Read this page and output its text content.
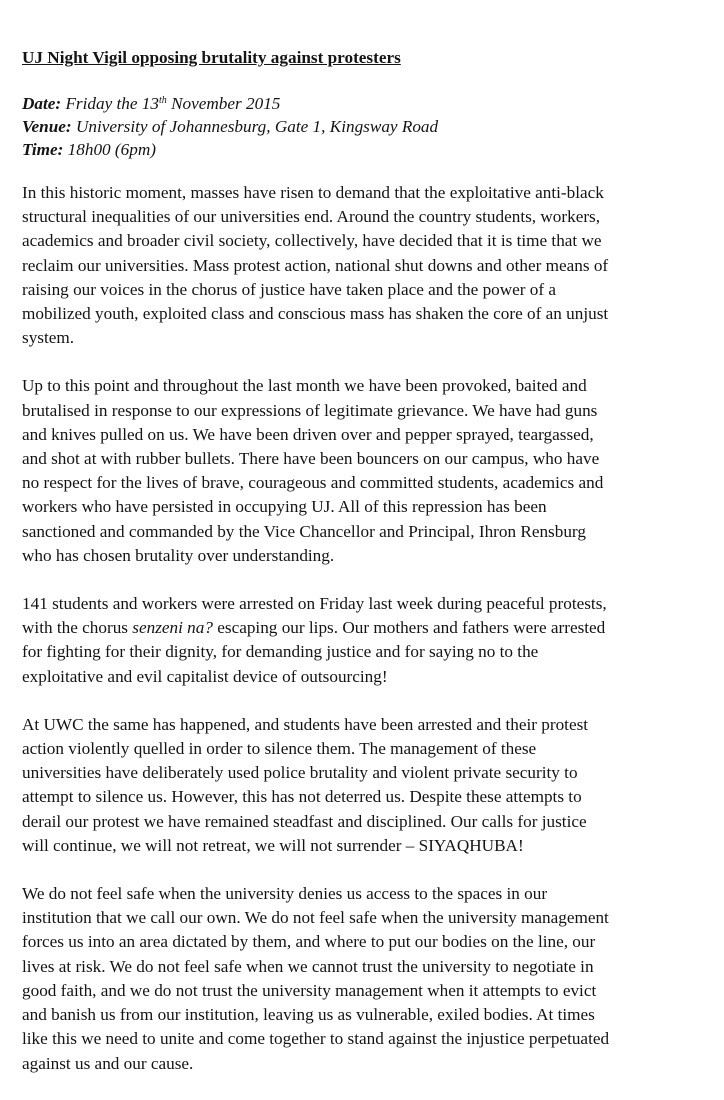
UJ Night Vigil opposing brutality against protesters
Date: Friday the 13th November 2015
Venue: University of Johannesburg, Gate 1, Kingsway Road
Time: 18h00 (6pm)
In this historic moment, masses have risen to demand that the exploitative anti-black
structural inequalities of our universities end. Around the country students, workers,
academics and broader civil society, collectively, have decided that it is time that we
reclaim our universities. Mass protest action, national shut downs and other means of
raising our voices in the chorus of justice have taken place and the power of a
mobilized youth, exploited class and conscious mass has shaken the core of an unjust
system.
Up to this point and throughout the last month we have been provoked, baited and
brutalised in response to our expressions of legitimate grievance. We have had guns
and knives pulled on us. We have been driven over and pepper sprayed, teargassed,
and shot at with rubber bullets. There have been bouncers on our campus, who have
no respect for the lives of brave, courageous and committed students, academics and
workers who have persisted in occupying UJ. All of this repression has been
sanctioned and commanded by the Vice Chancellor and Principal, Ihron Rensburg
who has chosen brutality over understanding.
141 students and workers were arrested on Friday last week during peaceful protests,
with the chorus senzeni na? escaping our lips. Our mothers and fathers were arrested
for fighting for their dignity, for demanding justice and for saying no to the
exploitative and evil capitalist device of outsourcing!
At UWC the same has happened, and students have been arrested and their protest
action violently quelled in order to silence them. The management of these
universities have deliberately used police brutality and violent private security to
attempt to silence us. However, this has not deterred us. Despite these attempts to
derail our protest we have remained steadfast and disciplined. Our calls for justice
will continue, we will not retreat, we will not surrender – SIYAQHUBA!
We do not feel safe when the university denies us access to the spaces in our
institution that we call our own. We do not feel safe when the university management
forces us into an area dictated by them, and where to put our bodies on the line, our
lives at risk. We do not feel safe when we cannot trust the university to negotiate in
good faith, and we do not trust the university management when it attempts to evict
and banish us from our institution, leaving us as vulnerable, exiled bodies. At times
like this we need to unite and come together to stand against the injustice perpetuated
against us and our cause.
